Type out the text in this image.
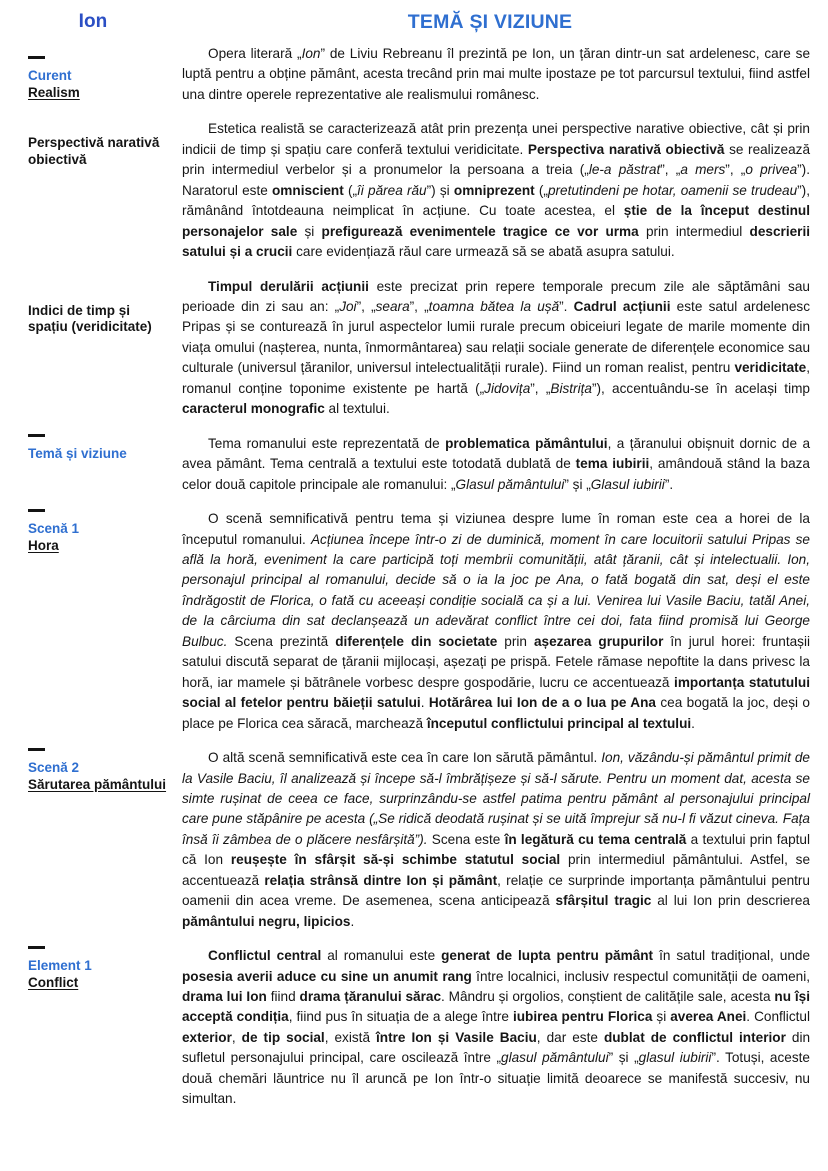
Ion	TEMĂ ȘI VIZIUNE
Curent
Realism
Perspectivă narativă obiectivă
Indici de timp și spațiu (veridicitate)
Temă și viziune
Scenă 1
Hora
Scenă 2
Sărutarea pământului
Element 1
Conflict

Opera literară „Ion” de Liviu Rebreanu îl prezintă pe Ion, un țăran dintr-un sat ardelenesc, care se luptă pentru a obține pământ, acesta trecând prin mai multe ipostaze pe tot parcursul textului, fiind astfel una dintre operele reprezentative ale realismului românesc.

Estetica realistă se caracterizează atât prin prezența unei perspective narative obiective, cât și prin indicii de timp și spațiu care conferă textului veridicitate. Perspectiva narativă obiectivă se realizează prin intermediul verbelor și a pronumelor la persoana a treia („le-a păstrat”, „a mers”, „o privea”). Naratorul este omniscient („îi părea rău”) și omniprezent („pretutindeni pe hotar, oamenii se trudeau”), rămânând întotdeauna neimplicat în acțiune. Cu toate acestea, el știe de la început destinul personajelor sale și prefigurează evenimentele tragice ce vor urma prin intermediul descrierii satului și a crucii care evidențiază răul care urmează să se abată asupra satului.

Timpul derulării acțiunii este precizat prin repere temporale precum zile ale săptămâni sau perioade din zi sau an: „Joi”, „seara”, „toamna bătea la ușă”. Cadrul acțiunii este satul ardelenesc Pripas și se conturează în jurul aspectelor lumii rurale precum obiceiuri legate de marile momente din viața omului (nașterea, nunta, înmormântarea) sau relații sociale generate de diferențele economice sau culturale (universul țăranilor, universul intelectualității rurale). Fiind un roman realist, pentru veridicitate, romanul conține toponime existente pe hartă („Jidovița”, „Bistrița”), accentuându-se în același timp caracterul monografic al textului.

Tema romanului este reprezentată de problematica pământului, a țăranului obișnuit dornic de a avea pământ. Tema centrală a textului este totodată dublată de tema iubirii, amândouă stând la baza celor două capitole principale ale romanului: „Glasul pământului” și „Glasul iubirii”.

O scenă semnificativă pentru tema și viziunea despre lume în roman este cea a horei de la începutul romanului. Acțiunea începe într-o zi de duminică, moment în care locuitorii satului Pripas se află la horă, eveniment la care participă toți membrii comunității, atât țăranii, cât și intelectualii. Ion, personajul principal al romanului, decide să o ia la joc pe Ana, o fată bogată din sat, deși el este îndrăgostit de Florica, o fată cu aceeași condiție socială ca și a lui. Venirea lui Vasile Baciu, tatăl Anei, de la cârciuma din sat declanșează un adevărat conflict între cei doi, fata fiind promisă lui George Bulbuc. Scena prezintă diferențele din societate prin așezarea grupurilor în jurul horei: fruntașii satului discută separat de țăranii mijlocași, așezați pe prispă. Fetele rămase nepoftite la dans privesc la horă, iar mamele și bătrânele vorbesc despre gospodărie, lucru ce accentuează importanța statutului social al fetelor pentru băieții satului. Hotărârea lui Ion de a o lua pe Ana cea bogată la joc, deși o place pe Florica cea săracă, marchează începutul conflictului principal al textului.

O altă scenă semnificativă este cea în care Ion sărută pământul. Ion, văzându-și pământul primit de la Vasile Baciu, îl analizează și începe să-l îmbrățișeze și să-l sărute. Pentru un moment dat, acesta se simte rușinat de ceea ce face, surprinzându-se astfel patima pentru pământ al personajului principal care pune stăpânire pe acesta („Se ridică deodată rușinat și se uită împrejur să nu-l fi văzut cineva. Fața însă îi zâmbea de o plăcere nesfârșită”). Scena este în legătură cu tema centrală a textului prin faptul că Ion reușește în sfârșit să-și schimbe statutul social prin intermediul pământului. Astfel, se accentuează relația strânsă dintre Ion și pământ, relație ce surprinde importanța pământului pentru oamenii din acea vreme. De asemenea, scena anticipează sfârșitul tragic al lui Ion prin descrierea pământului negru, lipicios.

Conflictul central al romanului este generat de lupta pentru pământ în satul tradițional, unde posesia averii aduce cu sine un anumit rang între localnici, inclusiv respectul comunității de oameni, drama lui Ion fiind drama țăranului sărac. Mândru și orgolios, conștient de calitățile sale, acesta nu își acceptă condiția, fiind pus în situația de a alege între iubirea pentru Florica și averea Anei. Conflictul exterior, de tip social, există între Ion și Vasile Baciu, dar este dublat de conflictul interior din sufletul personajului principal, care oscilează între „glasul pământului” și „glasul iubirii”. Totuși, aceste două chemări lăuntrice nu îl aruncă pe Ion într-o situație limită deoarece se manifestă succesiv, nu simultan.
